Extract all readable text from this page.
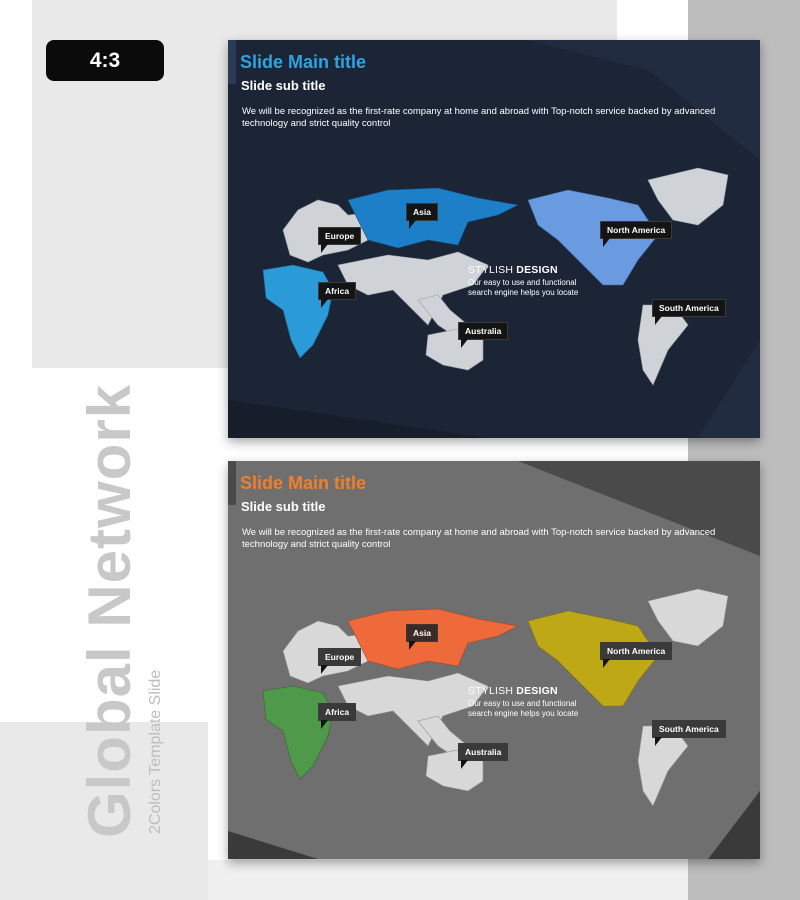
4:3
Global Network 2Colors Template Slide
Slide Main title
Slide sub title
We will be recognized as the first-rate company at home and abroad with Top-notch service backed by advanced technology and strict quality control
Asia
Europe
Africa
Australia
North America
South America
STYLISH DESIGN
Our easy to use and functional
search engine helps you locate
Slide Main title
Slide sub title
We will be recognized as the first-rate company at home and abroad with Top-notch service backed by advanced technology and strict quality control
Asia
Europe
Africa
Australia
North America
South America
STYLISH DESIGN
Our easy to use and functional
search engine helps you locate
